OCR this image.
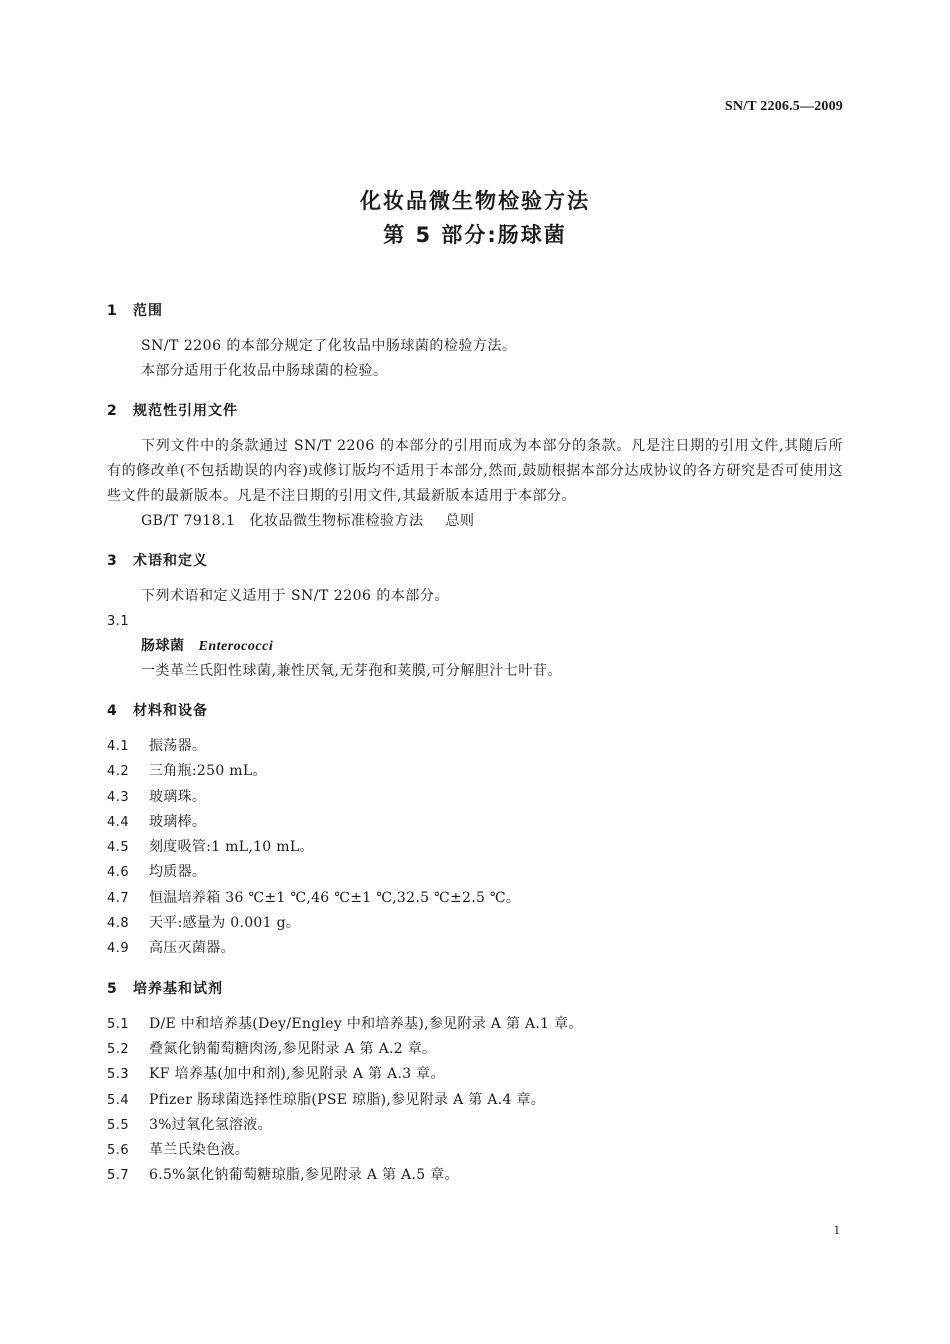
SN/T 2206.5—2009
化妆品微生物检验方法
第 5 部分:肠球菌
1 范围
SN/T 2206 的本部分规定了化妆品中肠球菌的检验方法。
本部分适用于化妆品中肠球菌的检验。
2 规范性引用文件
下列文件中的条款通过 SN/T 2206 的本部分的引用而成为本部分的条款。凡是注日期的引用文件,其随后所有的修改单(不包括勘误的内容)或修订版均不适用于本部分,然而,鼓励根据本部分达成协议的各方研究是否可使用这些文件的最新版本。凡是不注日期的引用文件,其最新版本适用于本部分。
GB/T 7918.1 化妆品微生物标准检验方法 总则
3 术语和定义
下列术语和定义适用于 SN/T 2206 的本部分。
3.1
肠球菌 Enterococci
一类革兰氏阳性球菌,兼性厌氧,无芽孢和荚膜,可分解胆汁七叶苷。
4 材料和设备
4.1 振荡器。
4.2 三角瓶:250 mL。
4.3 玻璃珠。
4.4 玻璃棒。
4.5 刻度吸管:1 mL,10 mL。
4.6 均质器。
4.7 恒温培养箱 36 ℃±1 ℃,46 ℃±1 ℃,32.5 ℃±2.5 ℃。
4.8 天平:感量为 0.001 g。
4.9 高压灭菌器。
5 培养基和试剂
5.1 D/E 中和培养基(Dey/Engley 中和培养基),参见附录 A 第 A.1 章。
5.2 叠氮化钠葡萄糖肉汤,参见附录 A 第 A.2 章。
5.3 KF 培养基(加中和剂),参见附录 A 第 A.3 章。
5.4 Pfizer 肠球菌选择性琼脂(PSE 琼脂),参见附录 A 第 A.4 章。
5.5 3%过氧化氢溶液。
5.6 革兰氏染色液。
5.7 6.5%氯化钠葡萄糖琼脂,参见附录 A 第 A.5 章。
1
